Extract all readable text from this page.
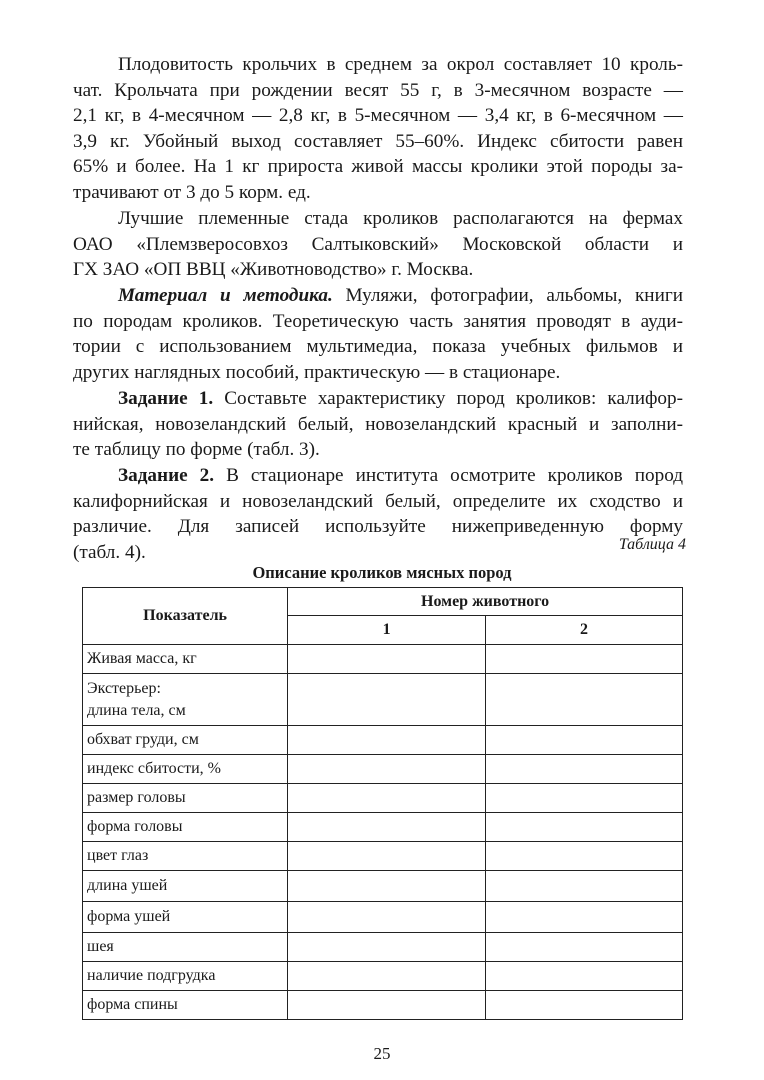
Плодовитость крольчих в среднем за окрол составляет 10 кроль-
чат. Крольчата при рождении весят 55 г, в 3-месячном возрасте —
2,1 кг, в 4-месячном — 2,8 кг, в 5-месячном — 3,4 кг, в 6-месячном —
3,9 кг. Убойный выход составляет 55–60%. Индекс сбитости равен
65% и более. На 1 кг прироста живой массы кролики этой породы за-
трачивают от 3 до 5 корм. ед.

Лучшие племенные стада кроликов располагаются на фермах
ОАО «Племзверосовхоз Салтыковский» Московской области и
ГХ ЗАО «ОП ВВЦ «Животноводство» г. Москва.

Материал и методика. Муляжи, фотографии, альбомы, книги
по породам кроликов. Теоретическую часть занятия проводят в ауди-
тории с использованием мультимедиа, показа учебных фильмов и
других наглядных пособий, практическую — в стационаре.

Задание 1. Составьте характеристику пород кроликов: калифор-
нийская, новозеландский белый, новозеландский красный и заполни-
те таблицу по форме (табл. 3).

Задание 2. В стационаре института осмотрите кроликов пород
калифорнийская и новозеландский белый, определите их сходство и
различие. Для записей используйте нижеприведенную форму
(табл. 4).	Таблица 4
Описание кроликов мясных пород
Показатель	Номер животного	
	1	2
Живая масса, кг		
Экстерьер:
длина тела, см		
обхват груди, см		
индекс сбитости, %		
размер головы		
форма головы		
цвет глаз		
длина ушей		
форма ушей		
шея		
наличие подгрудка		
форма спины		
25
